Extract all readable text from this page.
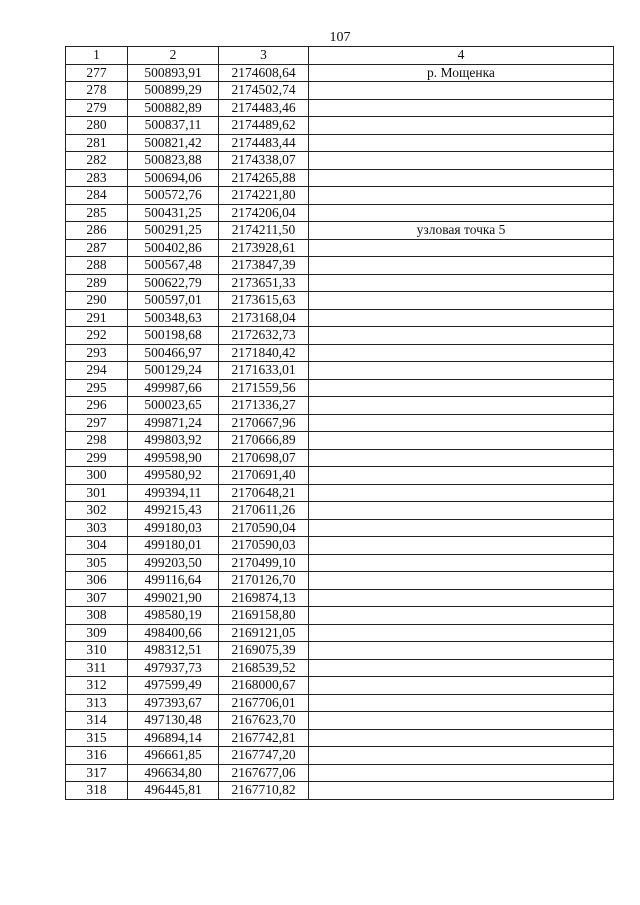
107
1	2	3	4
277	500893,91	2174608,64	р. Мощенка
278	500899,29	2174502,74	
279	500882,89	2174483,46	
280	500837,11	2174489,62	
281	500821,42	2174483,44	
282	500823,88	2174338,07	
283	500694,06	2174265,88	
284	500572,76	2174221,80	
285	500431,25	2174206,04	
286	500291,25	2174211,50	узловая точка 5
287	500402,86	2173928,61	
288	500567,48	2173847,39	
289	500622,79	2173651,33	
290	500597,01	2173615,63	
291	500348,63	2173168,04	
292	500198,68	2172632,73	
293	500466,97	2171840,42	
294	500129,24	2171633,01	
295	499987,66	2171559,56	
296	500023,65	2171336,27	
297	499871,24	2170667,96	
298	499803,92	2170666,89	
299	499598,90	2170698,07	
300	499580,92	2170691,40	
301	499394,11	2170648,21	
302	499215,43	2170611,26	
303	499180,03	2170590,04	
304	499180,01	2170590,03	
305	499203,50	2170499,10	
306	499116,64	2170126,70	
307	499021,90	2169874,13	
308	498580,19	2169158,80	
309	498400,66	2169121,05	
310	498312,51	2169075,39	
311	497937,73	2168539,52	
312	497599,49	2168000,67	
313	497393,67	2167706,01	
314	497130,48	2167623,70	
315	496894,14	2167742,81	
316	496661,85	2167747,20	
317	496634,80	2167677,06	
318	496445,81	2167710,82	
